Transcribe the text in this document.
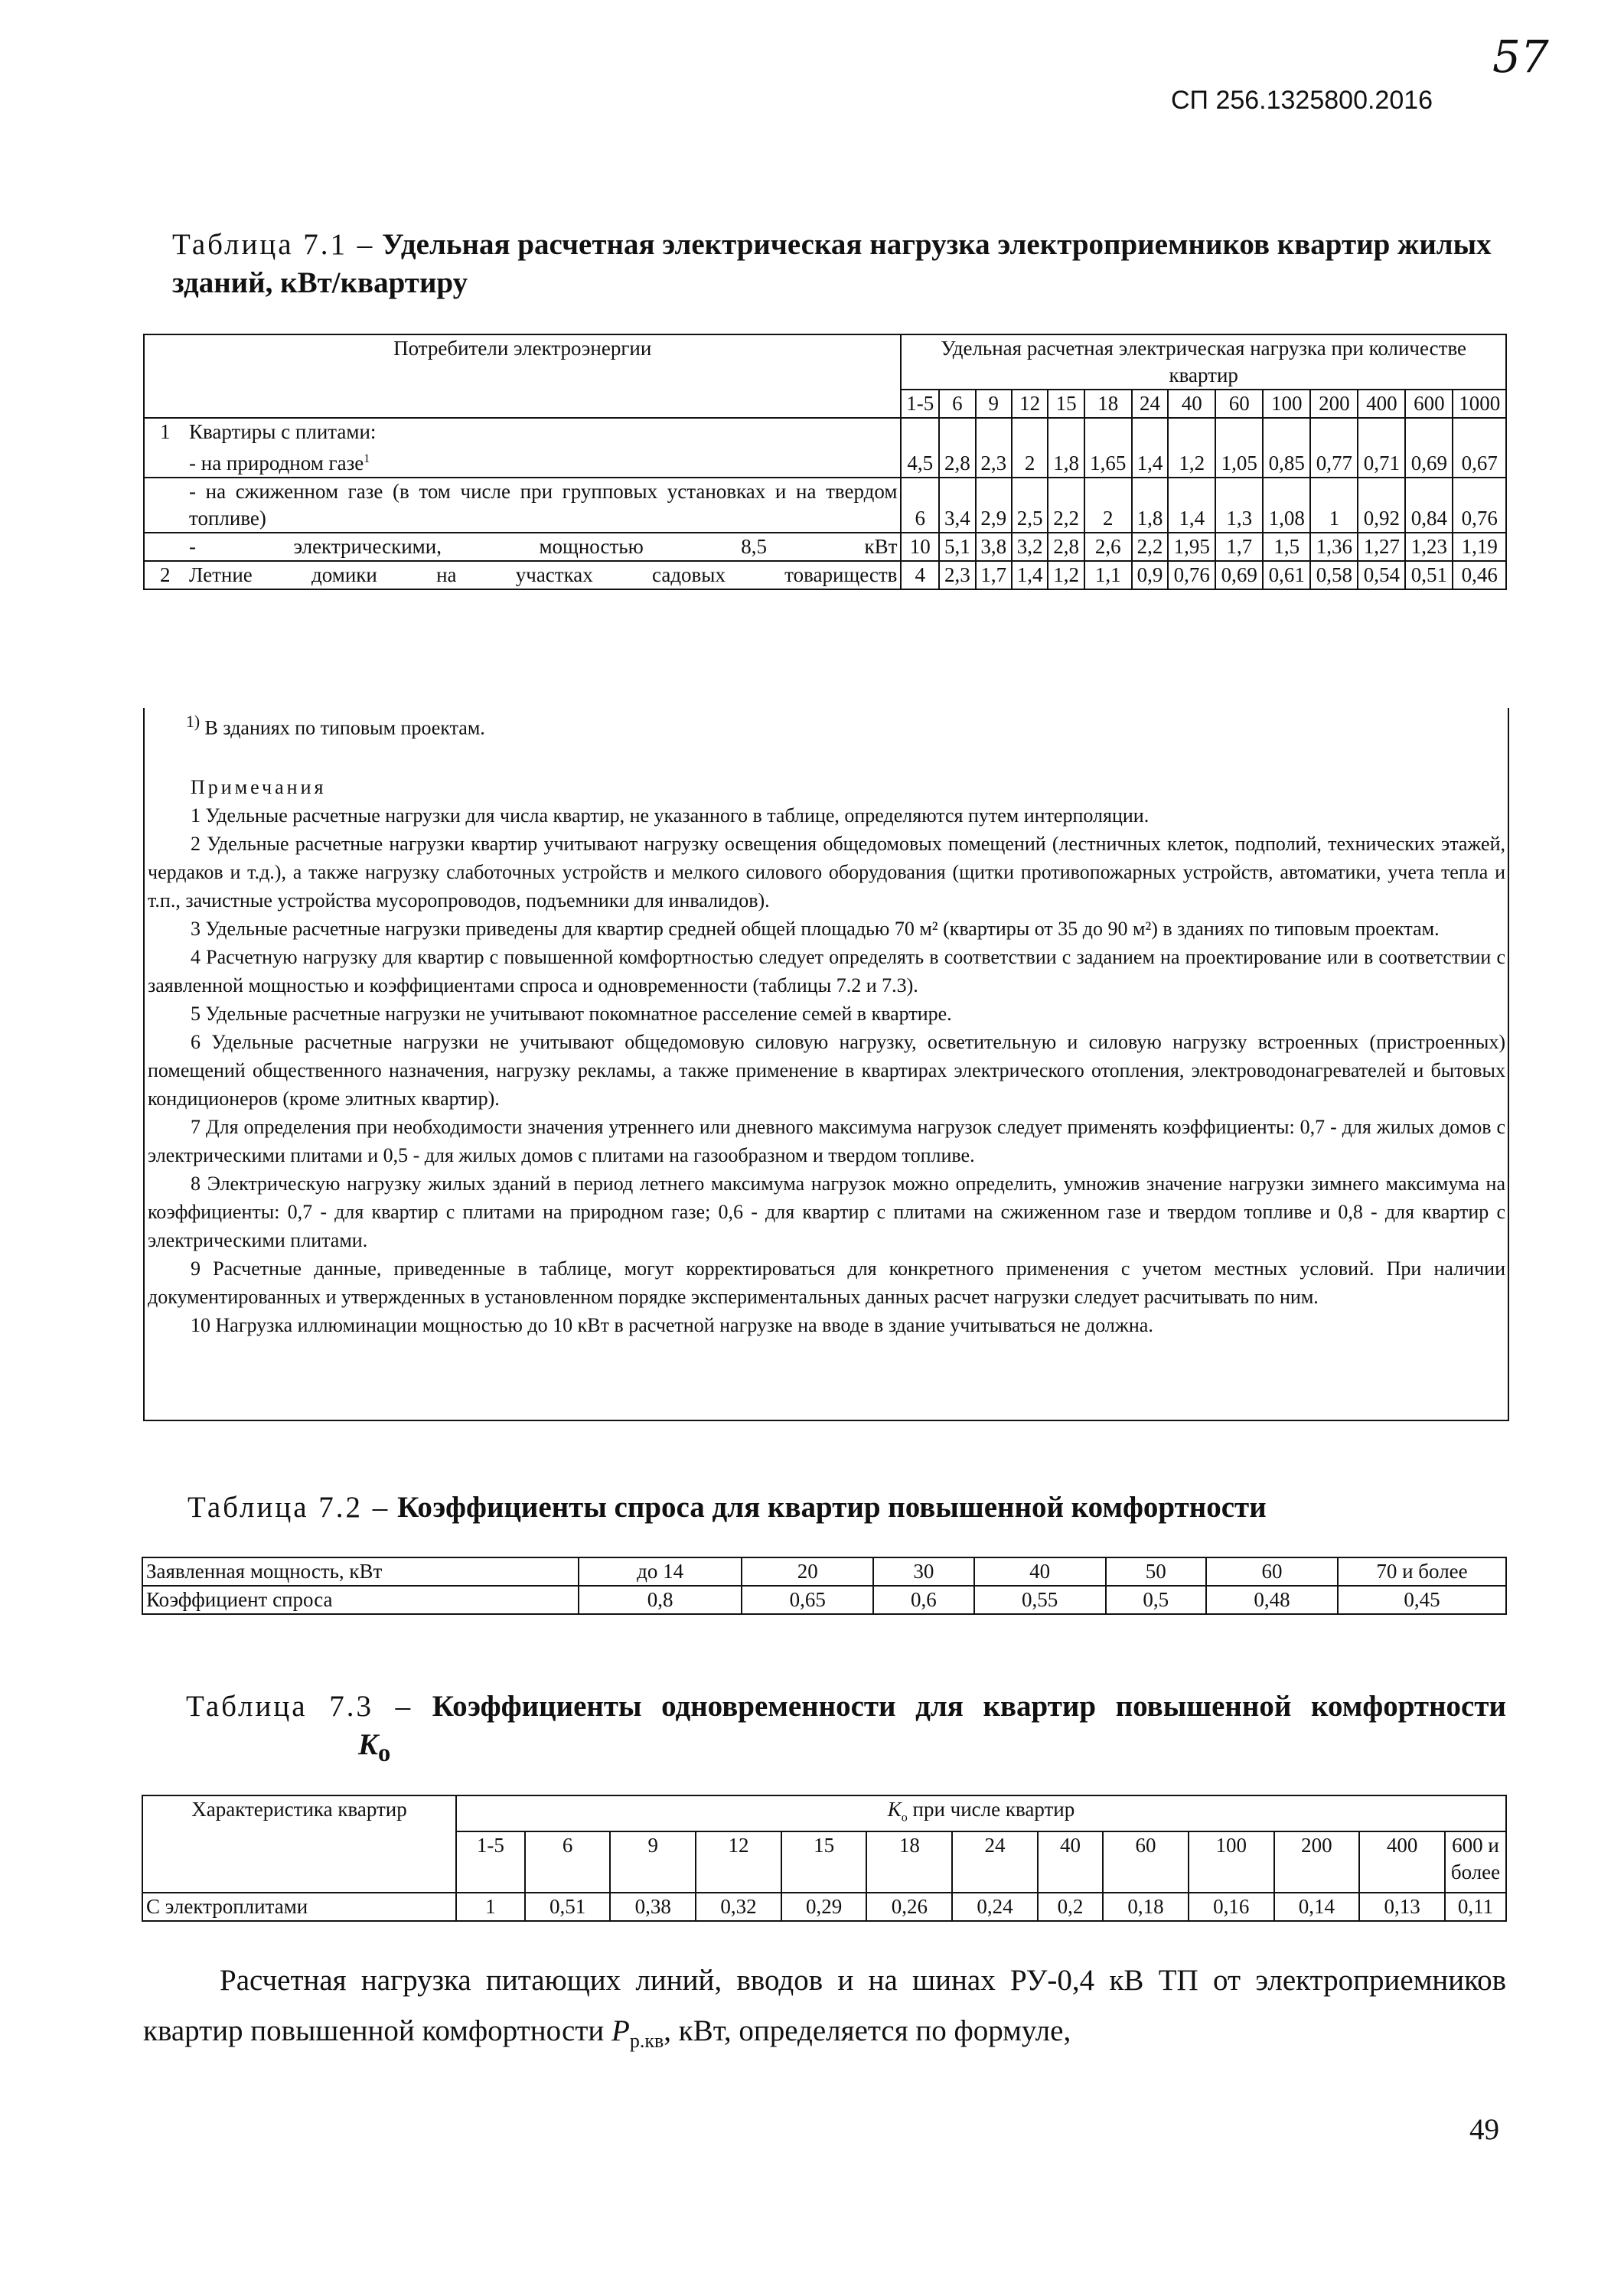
57
СП 256.1325800.2016
Таблица 7.1 – Удельная расчетная электрическая нагрузка электроприемников квартир жилых зданий, кВт/квартиру
Потребители электроэнергии		Удельная расчетная электрическая нагрузка при количестве квартир													
		1-5	6	9	12	15	18	24	40	60	100	200	400	600	1000
1	Квартиры с плитами:
- на природном газе$^1$	4,5	2,8	2,3	2	1,8	1,65	1,4	1,2	1,05	0,85	0,77	0,71	0,69	0,67
	- на сжиженном газе (в том числе при групповых установках и на твердом топливе)	6	3,4	2,9	2,5	2,2	2	1,8	1,4	1,3	1,08	1	0,92	0,84	0,76
	- электрическими, мощностью 8,5 кВт	10	5,1	3,8	3,2	2,8	2,6	2,2	1,95	1,7	1,5	1,36	1,27	1,23	1,19
2	Летние домики на участках садовых товариществ	4	2,3	1,7	1,4	1,2	1,1	0,9	0,76	0,69	0,61	0,58	0,54	0,51	0,46
$^{1)}$ В зданиях по типовым проектам.

Примечания

1 Удельные расчетные нагрузки для числа квартир, не указанного в таблице, определяются путем интерполяции.

2 Удельные расчетные нагрузки квартир учитывают нагрузку освещения общедомовых помещений (лестничных клеток, подполий, технических этажей, чердаков и т.д.), а также нагрузку слаботочных устройств и мелкого силового оборудования (щитки противопожарных устройств, автоматики, учета тепла и т.п., зачистные устройства мусоропроводов, подъемники для инвалидов).

3 Удельные расчетные нагрузки приведены для квартир средней общей площадью 70 м² (квартиры от 35 до 90 м²) в зданиях по типовым проектам.

4 Расчетную нагрузку для квартир с повышенной комфортностью следует определять в соответствии с заданием на проектирование или в соответствии с заявленной мощностью и коэффициентами спроса и одновременности (таблицы 7.2 и 7.3).

5 Удельные расчетные нагрузки не учитывают покомнатное расселение семей в квартире.

6 Удельные расчетные нагрузки не учитывают общедомовую силовую нагрузку, осветительную и силовую нагрузку встроенных (пристроенных) помещений общественного назначения, нагрузку рекламы, а также применение в квартирах электрического отопления, электроводонагревателей и бытовых кондиционеров (кроме элитных квартир).

7 Для определения при необходимости значения утреннего или дневного максимума нагрузок следует применять коэффициенты: 0,7 - для жилых домов с электрическими плитами и 0,5 - для жилых домов с плитами на газообразном и твердом топливе.

8 Электрическую нагрузку жилых зданий в период летнего максимума нагрузок можно определить, умножив значение нагрузки зимнего максимума на коэффициенты: 0,7 - для квартир с плитами на природном газе; 0,6 - для квартир с плитами на сжиженном газе и твердом топливе и 0,8 - для квартир с электрическими плитами.

9 Расчетные данные, приведенные в таблице, могут корректироваться для конкретного применения с учетом местных условий. При наличии документированных и утвержденных в установленном порядке экспериментальных данных расчет нагрузки следует расчитывать по ним.

10 Нагрузка иллюминации мощностью до 10 кВт в расчетной нагрузке на вводе в здание учитываться не должна.

Таблица 7.2 – Коэффициенты спроса для квартир повышенной комфортности
Заявленная мощность, кВт	до 14	20	30	40	50	60	70 и более
Коэффициент спроса	0,8	0,65	0,6	0,55	0,5	0,48	0,45
Таблица 7.3 – Коэффициенты одновременности для квартир повышенной комфортности
$K_o$
Характеристика квартир	$K_o$ при числе квартир												
	1-5	6	9	12	15	18	24	40	60	100	200	400	600 и более
С электроплитами	1	0,51	0,38	0,32	0,29	0,26	0,24	0,2	0,18	0,16	0,14	0,13	0,11

Расчетная нагрузка питающих линий, вводов и на шинах РУ-0,4 кВ ТП от электроприемников квартир повышенной комфортности $P_{р.кв}$, кВт, определяется по формуле,

49
